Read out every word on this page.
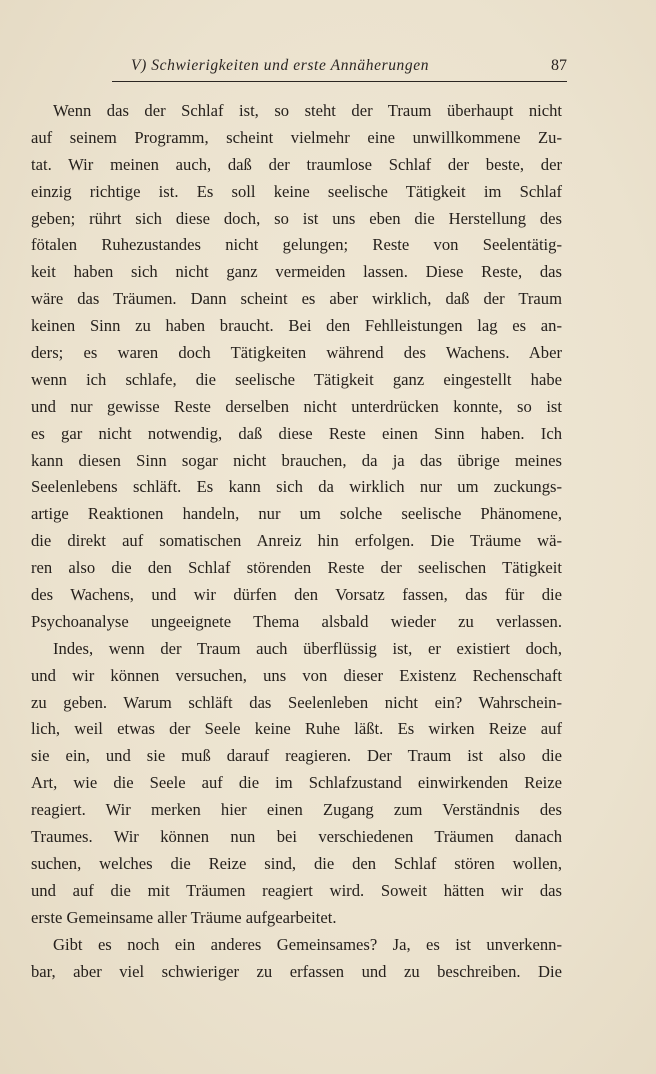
V) Schwierigkeiten und erste Annäherungen	87
Wenn das der Schlaf ist, so steht der Traum überhaupt nicht
auf seinem Programm, scheint vielmehr eine unwillkommene Zu-
tat. Wir meinen auch, daß der traumlose Schlaf der beste, der
einzig richtige ist. Es soll keine seelische Tätigkeit im Schlaf
geben; rührt sich diese doch, so ist uns eben die Herstellung des
fötalen Ruhezustandes nicht gelungen; Reste von Seelentätig-
keit haben sich nicht ganz vermeiden lassen. Diese Reste, das
wäre das Träumen. Dann scheint es aber wirklich, daß der Traum
keinen Sinn zu haben braucht. Bei den Fehlleistungen lag es an-
ders; es waren doch Tätigkeiten während des Wachens. Aber
wenn ich schlafe, die seelische Tätigkeit ganz eingestellt habe
und nur gewisse Reste derselben nicht unterdrücken konnte, so ist
es gar nicht notwendig, daß diese Reste einen Sinn haben. Ich
kann diesen Sinn sogar nicht brauchen, da ja das übrige meines
Seelenlebens schläft. Es kann sich da wirklich nur um zuckungs-
artige Reaktionen handeln, nur um solche seelische Phänomene,
die direkt auf somatischen Anreiz hin erfolgen. Die Träume wä-
ren also die den Schlaf störenden Reste der seelischen Tätigkeit
des Wachens, und wir dürfen den Vorsatz fassen, das für die
Psychoanalyse ungeeignete Thema alsbald wieder zu verlassen.
Indes, wenn der Traum auch überflüssig ist, er existiert doch,
und wir können versuchen, uns von dieser Existenz Rechenschaft
zu geben. Warum schläft das Seelenleben nicht ein? Wahrschein-
lich, weil etwas der Seele keine Ruhe läßt. Es wirken Reize auf
sie ein, und sie muß darauf reagieren. Der Traum ist also die
Art, wie die Seele auf die im Schlafzustand einwirkenden Reize
reagiert. Wir merken hier einen Zugang zum Verständnis des
Traumes. Wir können nun bei verschiedenen Träumen danach
suchen, welches die Reize sind, die den Schlaf stören wollen,
und auf die mit Träumen reagiert wird. Soweit hätten wir das
erste Gemeinsame aller Träume aufgearbeitet.
Gibt es noch ein anderes Gemeinsames? Ja, es ist unverkenn-
bar, aber viel schwieriger zu erfassen und zu beschreiben. Die
